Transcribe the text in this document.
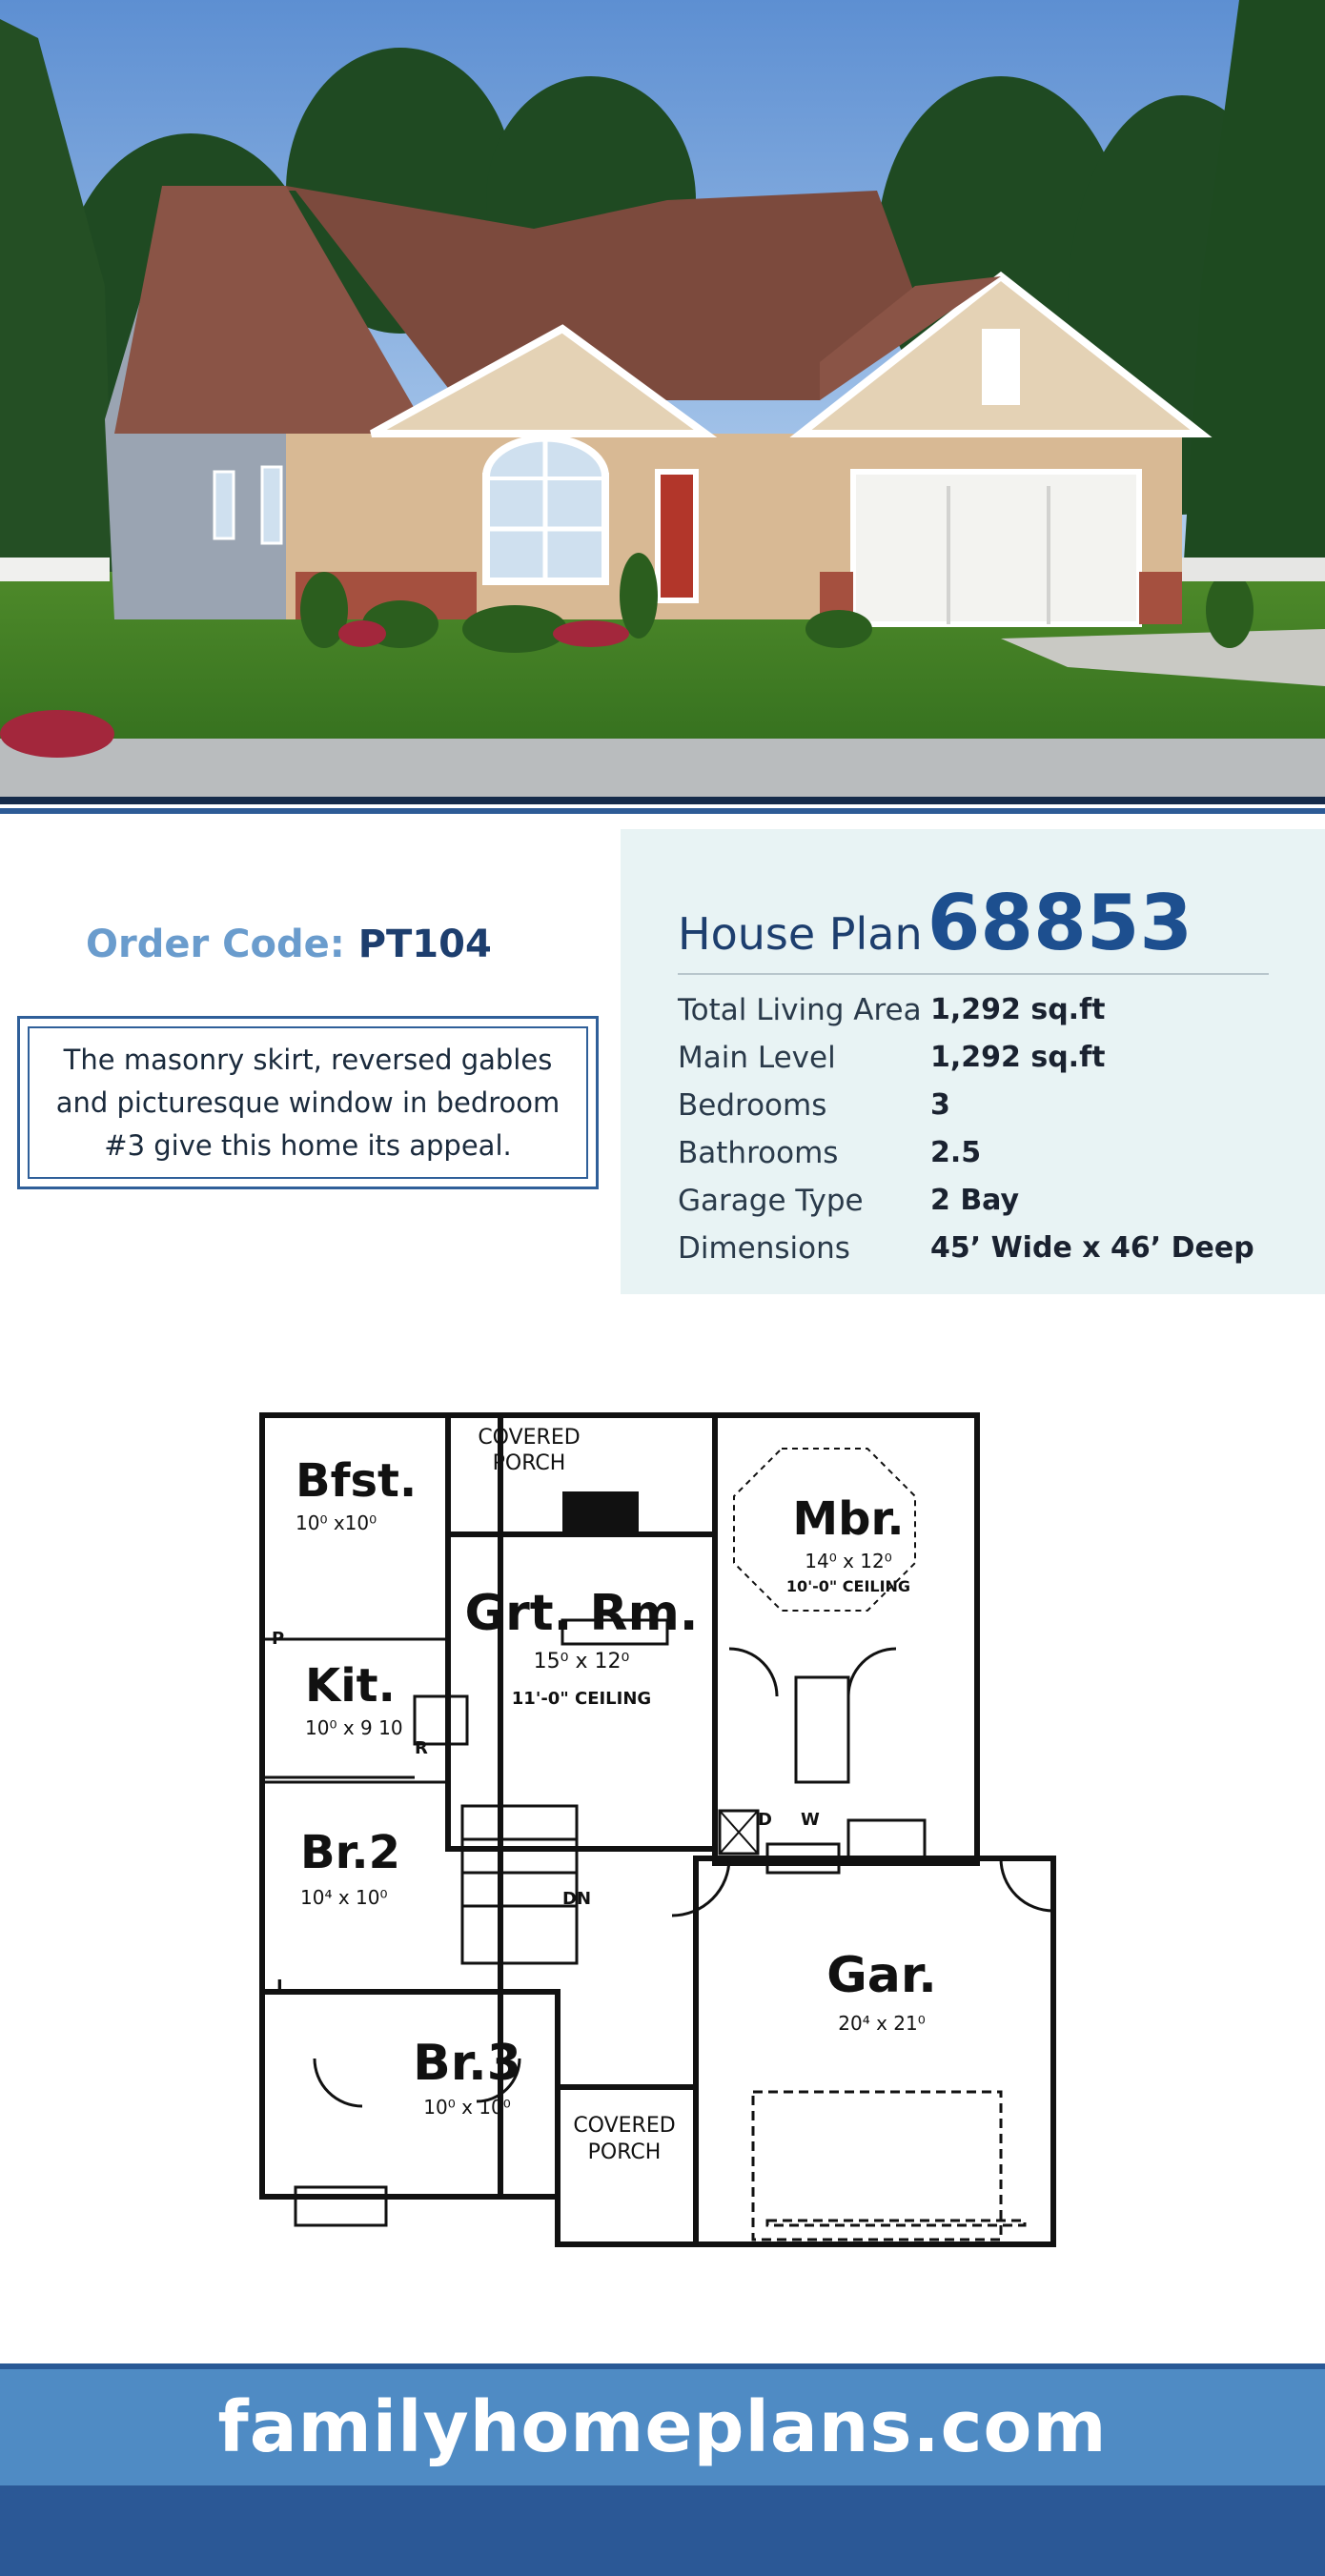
Order Code: PT104
The masonry skirt, reversed gables and picturesque window in bedroom #3 give this home its appeal.
House Plan 68853
Total Living Area 1,292 sq.ft
Main Level	1,292 sq.ft
Bedrooms	3
Bathrooms	2.5
Garage Type 2 Bay
Dimensions	45’ Wide x 46’ Deep
Bfst.
10⁰ x10⁰
COVERED
PORCH
Grt. Rm.
15⁰ x 12⁰
11'-0" CEILING
Mbr.
14⁰ x 12⁰
10'-0" CEILING
Kit.
10⁰ x 9 10
Br.2
10⁴ x 10⁰
Br.3
10⁰ x 10⁰
COVERED
PORCH
Gar.
20⁴ x 21⁰
P
R
L
D W
DN
familyhomeplans.com
